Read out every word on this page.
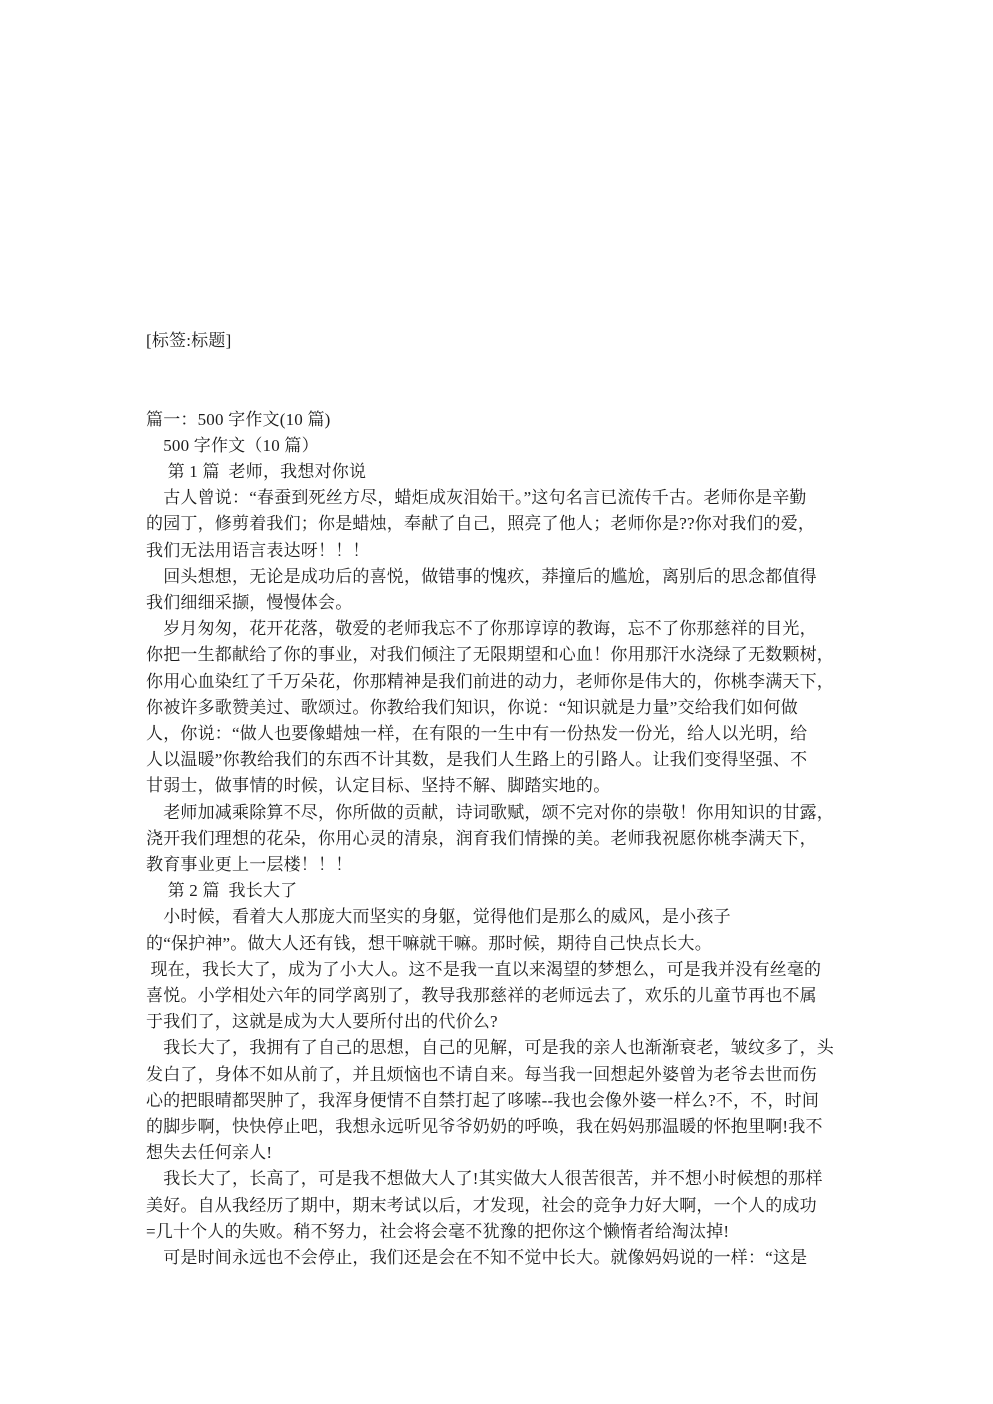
[标签:标题]
篇一：500 字作文(10 篇)
　500 字作文（10 篇）
　 第 1 篇  老师，我想对你说
　古人曾说：“春蚕到死丝方尽，蜡炬成灰泪始干。”这句名言已流传千古。老师你是辛勤
的园丁，修剪着我们；你是蜡烛，奉献了自己，照亮了他人；老师你是??你对我们的爱，
我们无法用语言表达呀！！！
　回头想想，无论是成功后的喜悦，做错事的愧疚，莽撞后的尴尬，离别后的思念都值得
我们细细采撷，慢慢体会。
　岁月匆匆，花开花落，敬爱的老师我忘不了你那谆谆的教诲，忘不了你那慈祥的目光，
你把一生都献给了你的事业，对我们倾注了无限期望和心血！你用那汗水浇绿了无数颗树，
你用心血染红了千万朵花，你那精神是我们前进的动力，老师你是伟大的，你桃李满天下，
你被许多歌赞美过、歌颂过。你教给我们知识，你说：“知识就是力量”交给我们如何做
人，你说：“做人也要像蜡烛一样，在有限的一生中有一份热发一份光，给人以光明，给
人以温暖”你教给我们的东西不计其数，是我们人生路上的引路人。让我们变得坚强、不
甘弱士，做事情的时候，认定目标、坚持不解、脚踏实地的。
　老师加减乘除算不尽，你所做的贡献，诗词歌赋，颂不完对你的崇敬！你用知识的甘露，
浇开我们理想的花朵，你用心灵的清泉，润育我们情操的美。老师我祝愿你桃李满天下，
教育事业更上一层楼！！！
　 第 2 篇  我长大了
　小时候，看着大人那庞大而坚实的身躯，觉得他们是那么的威风，是小孩子
的“保护神”。做大人还有钱，想干嘛就干嘛。那时候，期待自己快点长大。
现在，我长大了，成为了小大人。这不是我一直以来渴望的梦想么，可是我并没有丝毫的
喜悦。小学相处六年的同学离别了，教导我那慈祥的老师远去了，欢乐的儿童节再也不属
于我们了，这就是成为大人要所付出的代价么?
　我长大了，我拥有了自己的思想，自己的见解，可是我的亲人也渐渐衰老，皱纹多了，头
发白了，身体不如从前了，并且烦恼也不请自来。每当我一回想起外婆曾为老爷去世而伤
心的把眼晴都哭肿了，我浑身便情不自禁打起了哆嗦--我也会像外婆一样么?不，不，时间
的脚步啊，快快停止吧，我想永远听见爷爷奶奶的呼唤，我在妈妈那温暖的怀抱里啊!我不
想失去任何亲人!
　我长大了，长高了，可是我不想做大人了!其实做大人很苦很苦，并不想小时候想的那样
美好。自从我经历了期中，期末考试以后，才发现，社会的竞争力好大啊，一个人的成功
=几十个人的失败。稍不努力，社会将会毫不犹豫的把你这个懒惰者给淘汰掉!
　可是时间永远也不会停止，我们还是会在不知不觉中长大。就像妈妈说的一样：“这是
